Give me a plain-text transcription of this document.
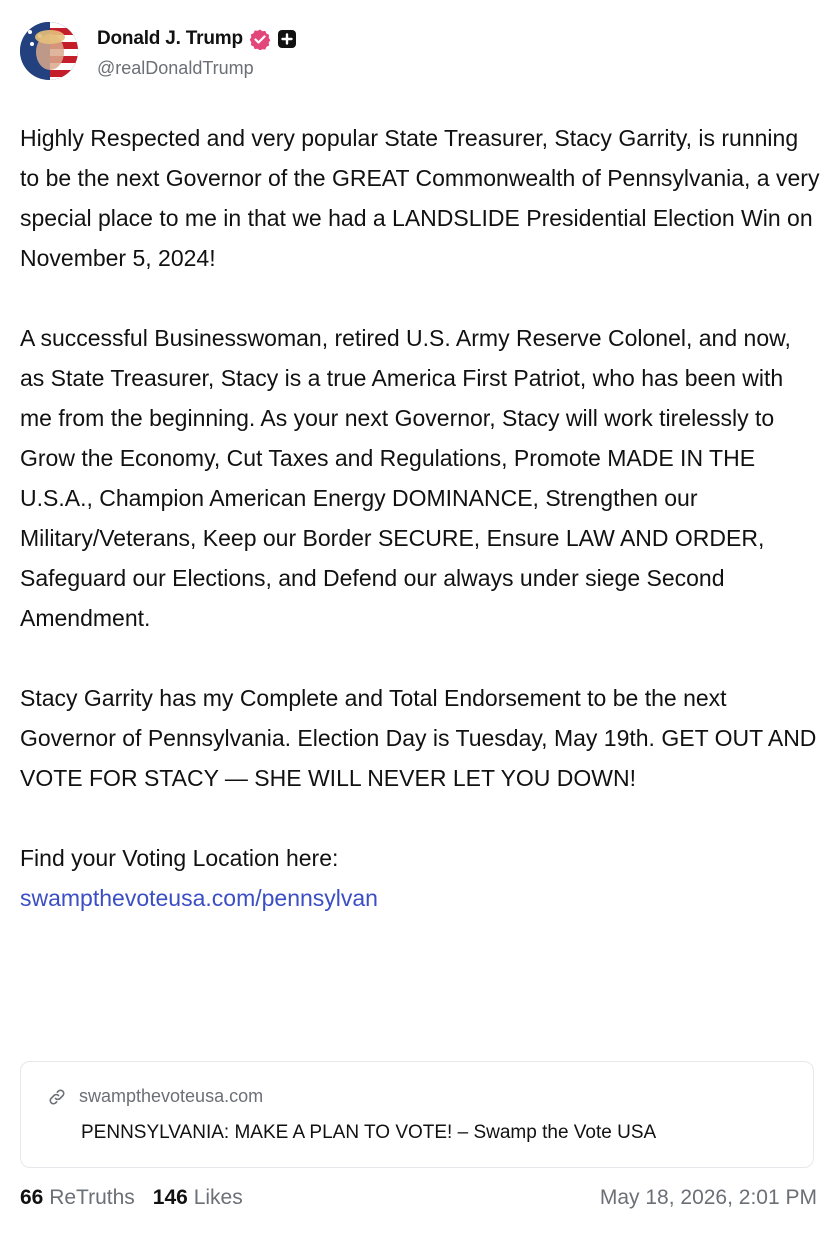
Donald J. Trump
@realDonaldTrump

Highly Respected and very popular State Treasurer, Stacy Garrity, is running to be the next Governor of the GREAT Commonwealth of Pennsylvania, a very special place to me in that we had a LANDSLIDE Presidential Election Win on November 5, 2024!

A successful Businesswoman, retired U.S. Army Reserve Colonel, and now, as State Treasurer, Stacy is a true America First Patriot, who has been with me from the beginning. As your next Governor, Stacy will work tirelessly to Grow the Economy, Cut Taxes and Regulations, Promote MADE IN THE U.S.A., Champion American Energy DOMINANCE, Strengthen our Military/Veterans, Keep our Border SECURE, Ensure LAW AND ORDER, Safeguard our Elections, and Defend our always under siege Second Amendment.

Stacy Garrity has my Complete and Total Endorsement to be the next Governor of Pennsylvania. Election Day is Tuesday, May 19th. GET OUT AND VOTE FOR STACY — SHE WILL NEVER LET YOU DOWN!

Find your Voting Location here:
swampthevoteusa.com/pennsylvan

swampthevoteusa.com
PENNSYLVANIA: MAKE A PLAN TO VOTE! – Swamp the Vote USA
66 ReTruths 146 Likes	May 18, 2026, 2:01 PM
